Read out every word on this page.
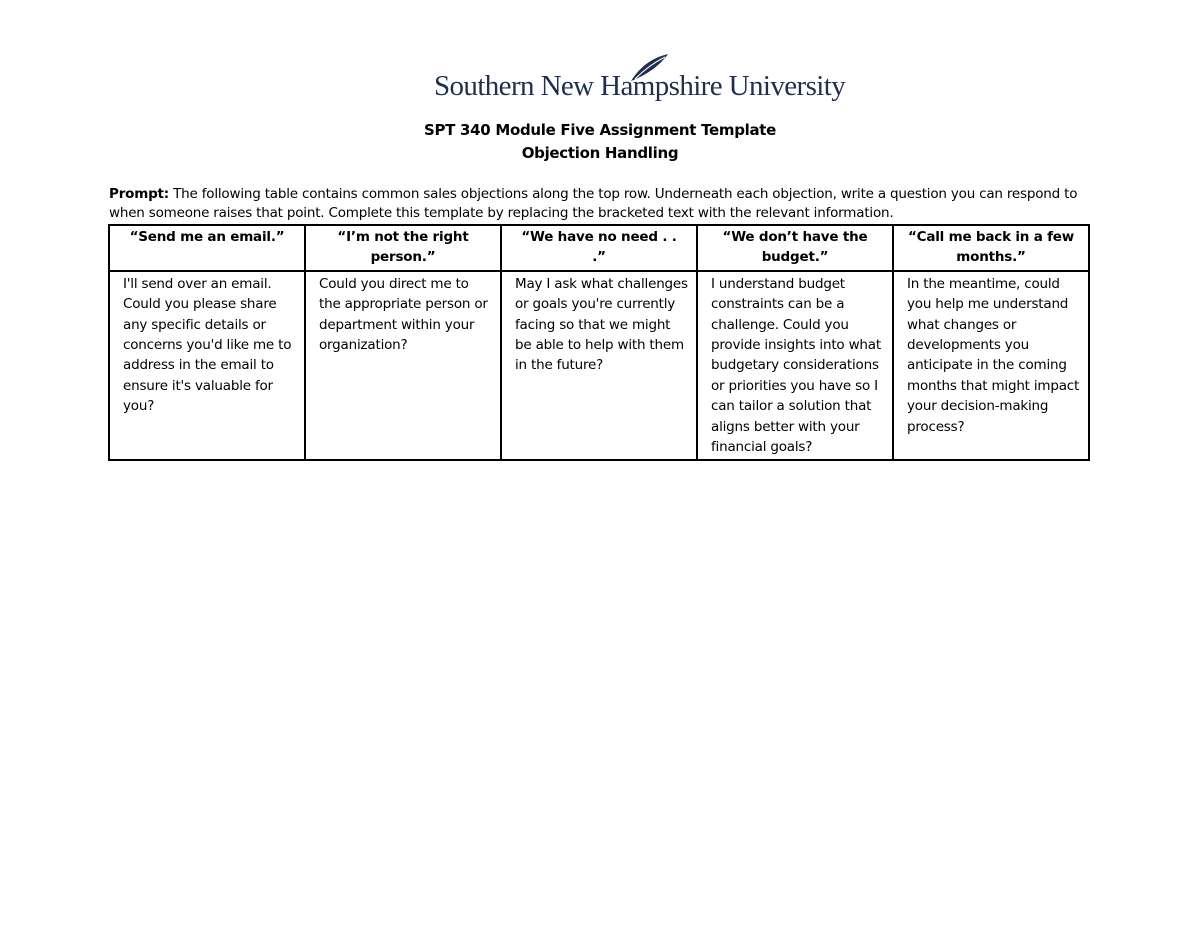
Southern New Hampshire University
SPT 340 Module Five Assignment Template
Objection Handling
Prompt: The following table contains common sales objections along the top row. Underneath each objection, write a question you can respond to when someone raises that point. Complete this template by replacing the bracketed text with the relevant information.
“Send me an email.”	“I’m not the right person.”	“We have no need . . .”	“We don’t have the budget.”	“Call me back in a few months.”
I'll send over an email. Could you please share any specific details or concerns you'd like me to address in the email to ensure it's valuable for you?	Could you direct me to the appropriate person or department within your organization?	May I ask what challenges or goals you're currently facing so that we might be able to help with them in the future?	I understand budget constraints can be a challenge. Could you provide insights into what budgetary considerations or priorities you have so I can tailor a solution that aligns better with your financial goals?	In the meantime, could you help me understand what changes or developments you anticipate in the coming months that might impact your decision-making process?
